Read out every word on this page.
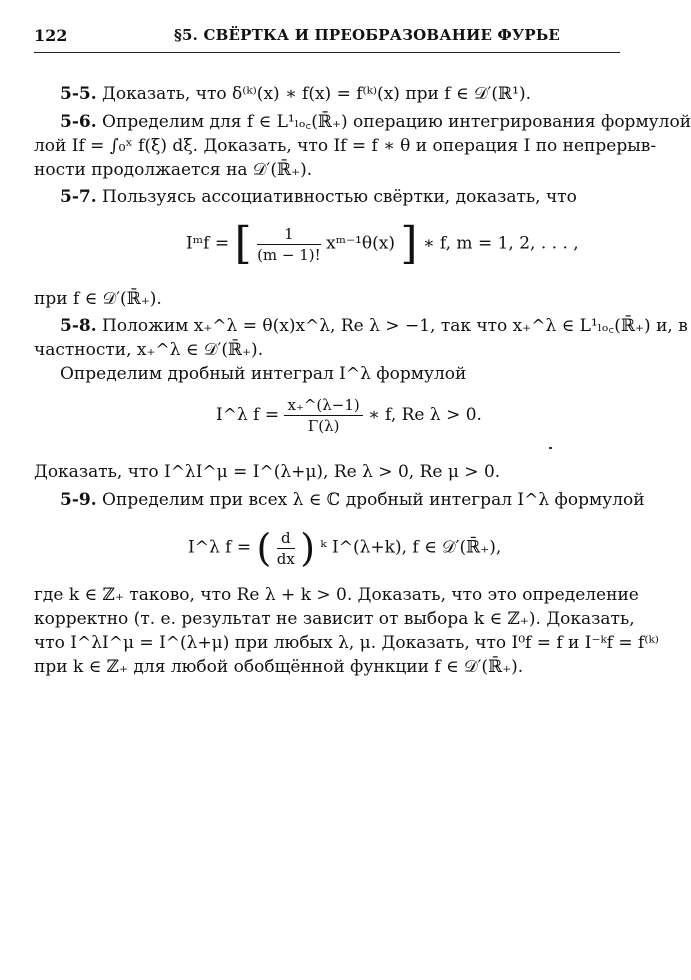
122	§5. СВЁРТКА И ПРЕОБРАЗОВАНИЕ ФУРЬЕ
5-5. Доказать, что δ⁽ᵏ⁾(x) ∗ f(x) = f⁽ᵏ⁾(x) при f ∈ 𝒟′(ℝ¹).
5-6. Определим для f ∈ L¹ₗₒ꜀(ℝ̄₊) операцию интегрирования формулой
лой If = ∫₀ˣ f(ξ) dξ. Доказать, что If = f ∗ θ и операция I по непрерыв-
ности продолжается на 𝒟′(ℝ̄₊).
5-7. Пользуясь ассоциативностью свёртки, доказать, что
Iᵐf = [ $\frac{1}{(m - 1)!}$ xᵐ⁻¹θ(x) ] ∗ f, m = 1, 2, . . . ,
при f ∈ 𝒟′(ℝ̄₊).
5-8. Положим x₊^λ = θ(x)x^λ, Re λ > −1, так что x₊^λ ∈ L¹ₗₒ꜀(ℝ̄₊) и, в
частности, x₊^λ ∈ 𝒟′(ℝ̄₊).
Определим дробный интеграл I^λ формулой
I^λ $f = \frac{x_+\^{}(\lambda-1)}{\Gamma(\lambda)}$ ∗ f, Re λ > 0.
Доказать, что I^λI^μ = I^(λ+μ), Re λ > 0, Re μ > 0.
5-9. Определим при всех λ ∈ ℂ дробный интеграл I^λ формулой
I^λ f = ( $\frac{d}{dx}$ ) ᵏ I^(λ+k), f ∈ 𝒟′(ℝ̄₊),
где k ∈ ℤ₊ таково, что Re λ + k > 0. Доказать, что это определение
корректно (т. е. результат не зависит от выбора k ∈ ℤ₊). Доказать,
что I^λI^μ = I^(λ+μ) при любых λ, μ. Доказать, что I⁰f = f и I⁻ᵏf = f⁽ᵏ⁾
при k ∈ ℤ₊ для любой обобщённой функции f ∈ 𝒟′(ℝ̄₊).
